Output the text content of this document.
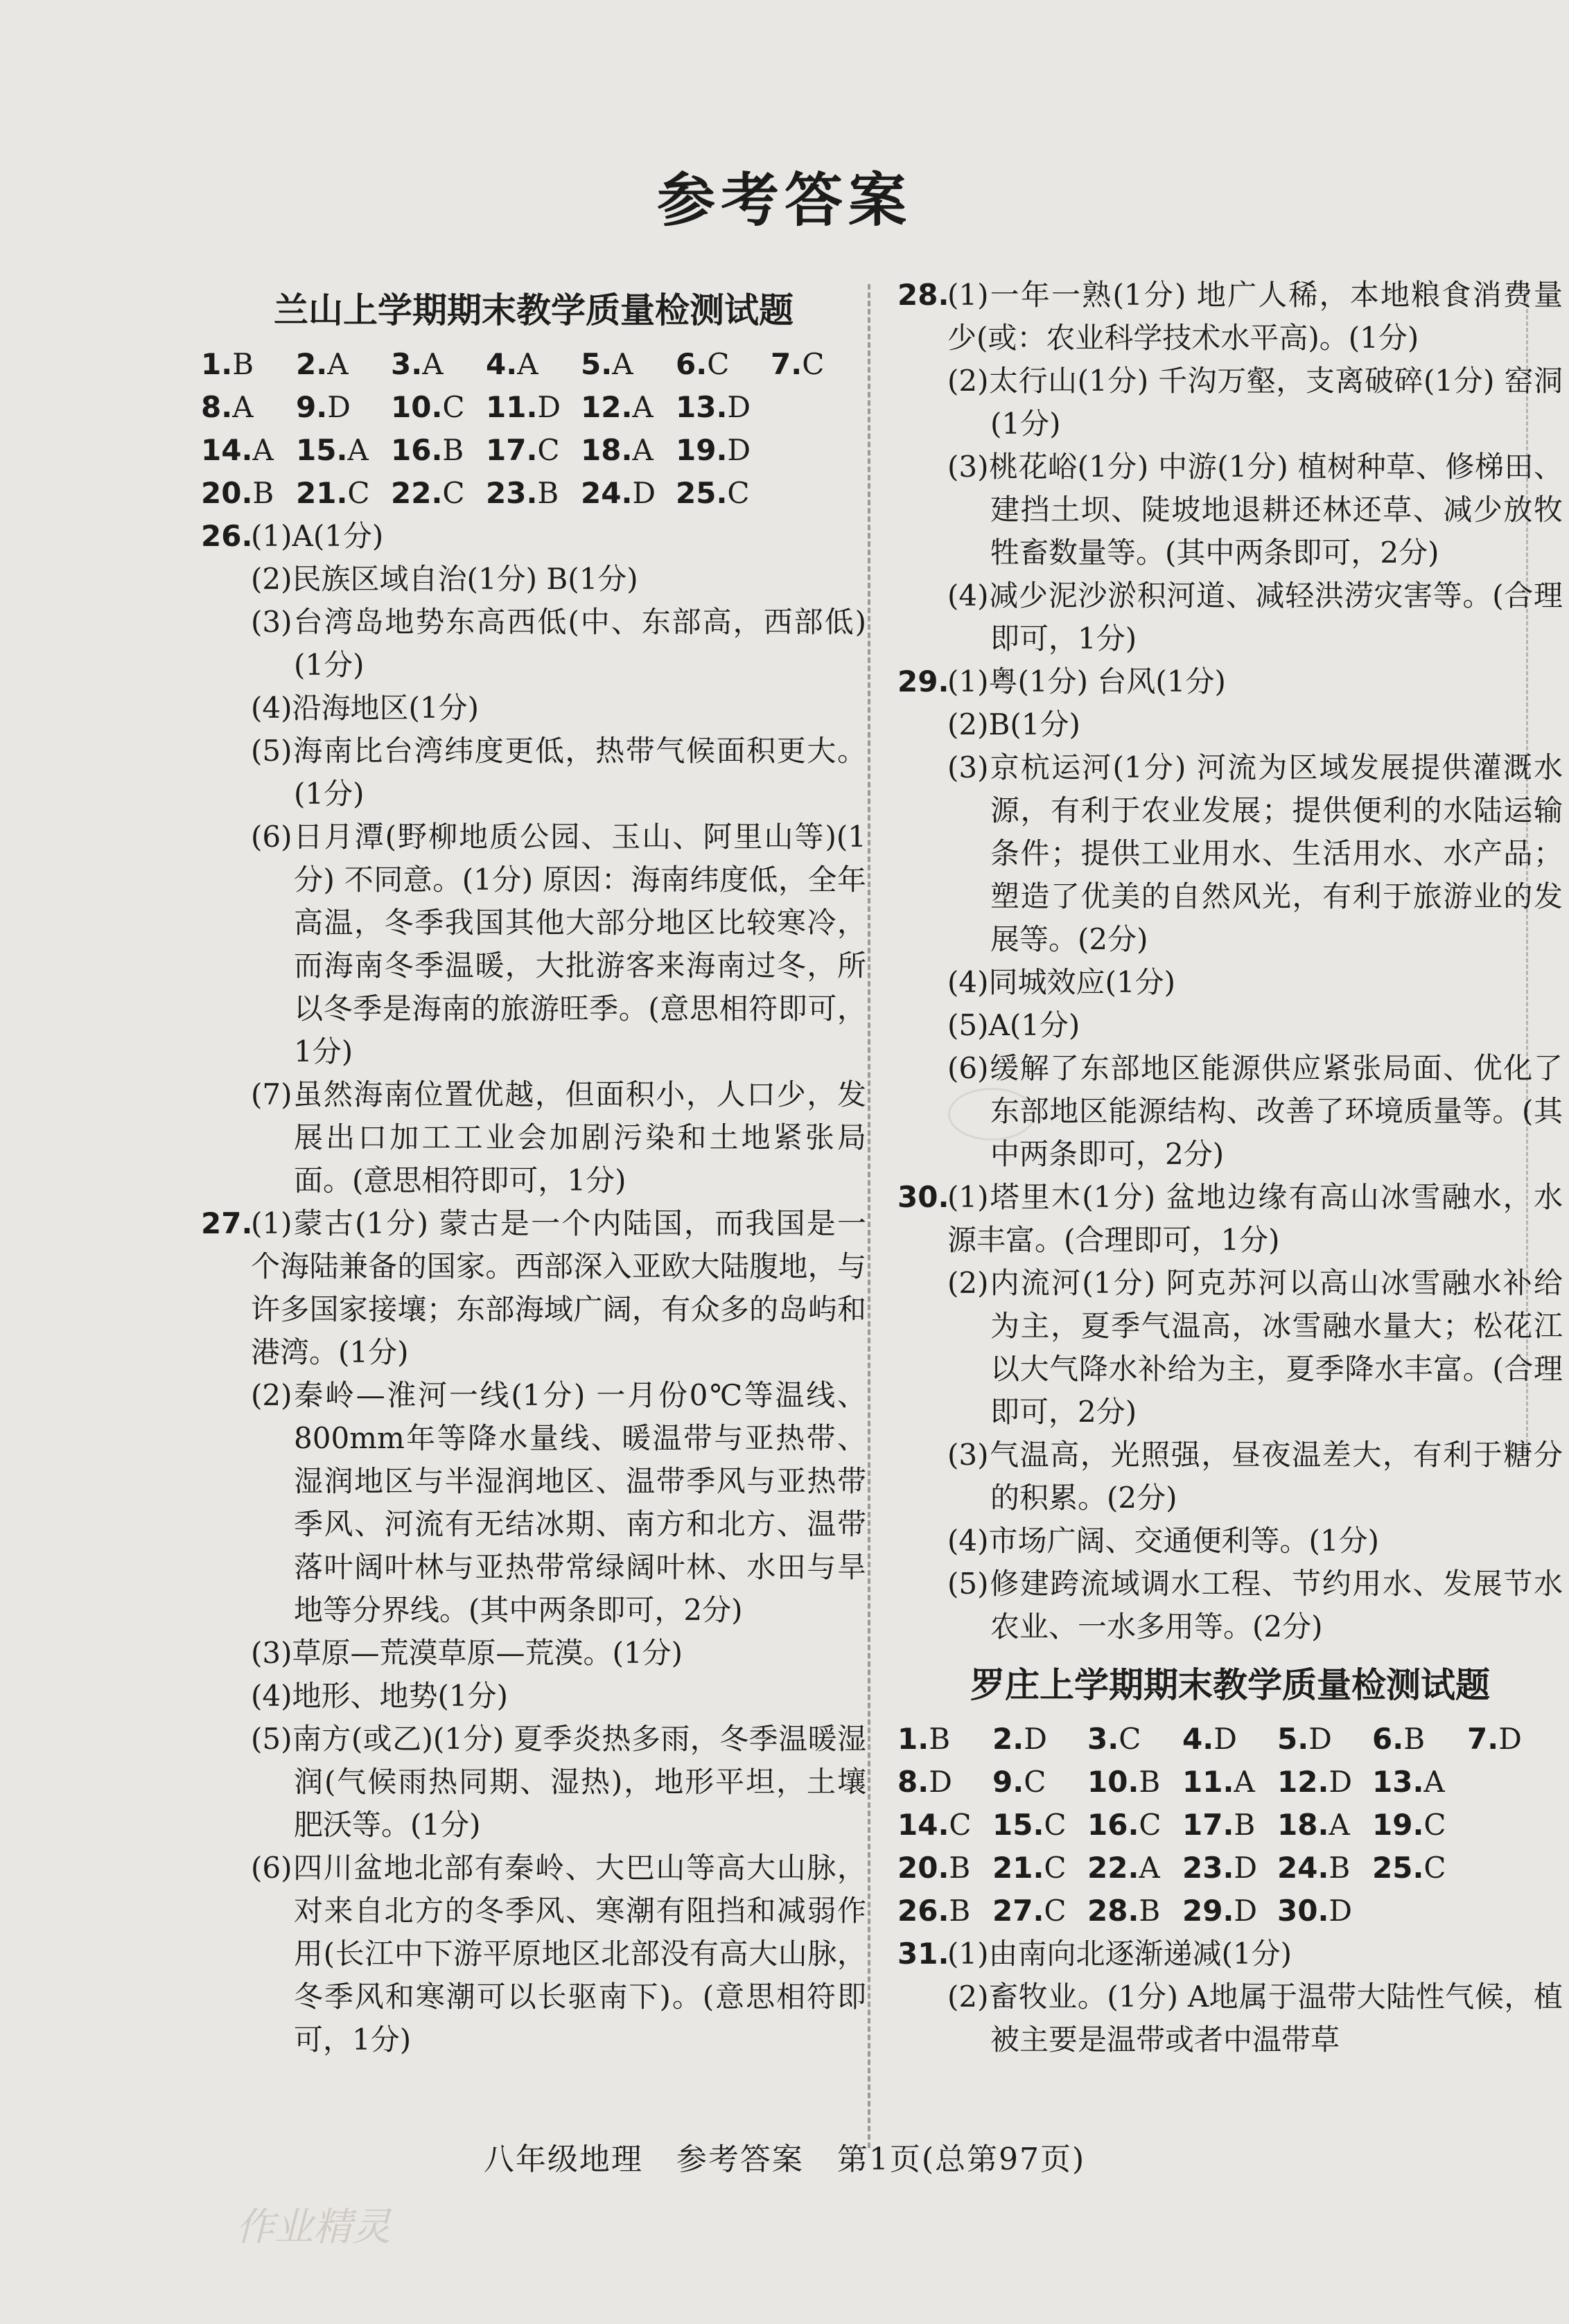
参考答案
兰山上学期期末教学质量检测试题
1.B	2.A	3.A	4.A	5.A	6.C	7.C
8.A	9.D	10.C 11.D 12.A 13.D
14.A 15.A 16.B 17.C 18.A 19.D
20.B 21.C 22.C 23.B 24.D 25.C
26.

(1)A(1分)

(2)民族区域自治(1分) B(1分)

(3)台湾岛地势东高西低(中、东部高，西部低)(1分)

(4)沿海地区(1分)

(5)海南比台湾纬度更低，热带气候面积更大。(1分)

(6)日月潭(野柳地质公园、玉山、阿里山等)(1分) 不同意。(1分) 原因：海南纬度低，全年高温，冬季我国其他大部分地区比较寒冷，而海南冬季温暖，大批游客来海南过冬，所以冬季是海南的旅游旺季。(意思相符即可，1分)

(7)虽然海南位置优越，但面积小，人口少，发展出口加工工业会加剧污染和土地紧张局面。(意思相符即可，1分)

27.

(1)蒙古(1分) 蒙古是一个内陆国，而我国是一个海陆兼备的国家。西部深入亚欧大陆腹地，与许多国家接壤；东部海域广阔，有众多的岛屿和港湾。(1分)

(2)秦岭—淮河一线(1分) 一月份0℃等温线、800mm年等降水量线、暖温带与亚热带、湿润地区与半湿润地区、温带季风与亚热带季风、河流有无结冰期、南方和北方、温带落叶阔叶林与亚热带常绿阔叶林、水田与旱地等分界线。(其中两条即可，2分)

(3)草原—荒漠草原—荒漠。(1分)

(4)地形、地势(1分)

(5)南方(或乙)(1分) 夏季炎热多雨，冬季温暖湿润(气候雨热同期、湿热)，地形平坦，土壤肥沃等。(1分)

(6)四川盆地北部有秦岭、大巴山等高大山脉，对来自北方的冬季风、寒潮有阻挡和减弱作用(长江中下游平原地区北部没有高大山脉，冬季风和寒潮可以长驱南下)。(意思相符即可，1分)

28.

(1)一年一熟(1分) 地广人稀，本地粮食消费量少(或：农业科学技术水平高)。(1分)

(2)太行山(1分) 千沟万壑，支离破碎(1分) 窑洞(1分)

(3)桃花峪(1分) 中游(1分) 植树种草、修梯田、建挡土坝、陡坡地退耕还林还草、减少放牧牲畜数量等。(其中两条即可，2分)

(4)减少泥沙淤积河道、减轻洪涝灾害等。(合理即可，1分)

29.

(1)粤(1分) 台风(1分)

(2)B(1分)

(3)京杭运河(1分) 河流为区域发展提供灌溉水源，有利于农业发展；提供便利的水陆运输条件；提供工业用水、生活用水、水产品；塑造了优美的自然风光，有利于旅游业的发展等。(2分)

(4)同城效应(1分)

(5)A(1分)

(6)缓解了东部地区能源供应紧张局面、优化了东部地区能源结构、改善了环境质量等。(其中两条即可，2分)

30.

(1)塔里木(1分) 盆地边缘有高山冰雪融水，水源丰富。(合理即可，1分)

(2)内流河(1分) 阿克苏河以高山冰雪融水补给为主，夏季气温高，冰雪融水量大；松花江以大气降水补给为主，夏季降水丰富。(合理即可，2分)

(3)气温高，光照强，昼夜温差大，有利于糖分的积累。(2分)

(4)市场广阔、交通便利等。(1分)

(5)修建跨流域调水工程、节约用水、发展节水农业、一水多用等。(2分)

罗庄上学期期末教学质量检测试题
1.B	2.D	3.C	4.D	5.D	6.B	7.D
8.D	9.C	10.B 11.A 12.D 13.A
14.C 15.C 16.C 17.B 18.A 19.C
20.B 21.C 22.A 23.D 24.B 25.C
26.B 27.C 28.B 29.D 30.D
31.

(1)由南向北逐渐递减(1分)

(2)畜牧业。(1分) A地属于温带大陆性气候，植被主要是温带或者中温带草

八年级地理 参考答案 第1页(总第97页)
作业精灵
